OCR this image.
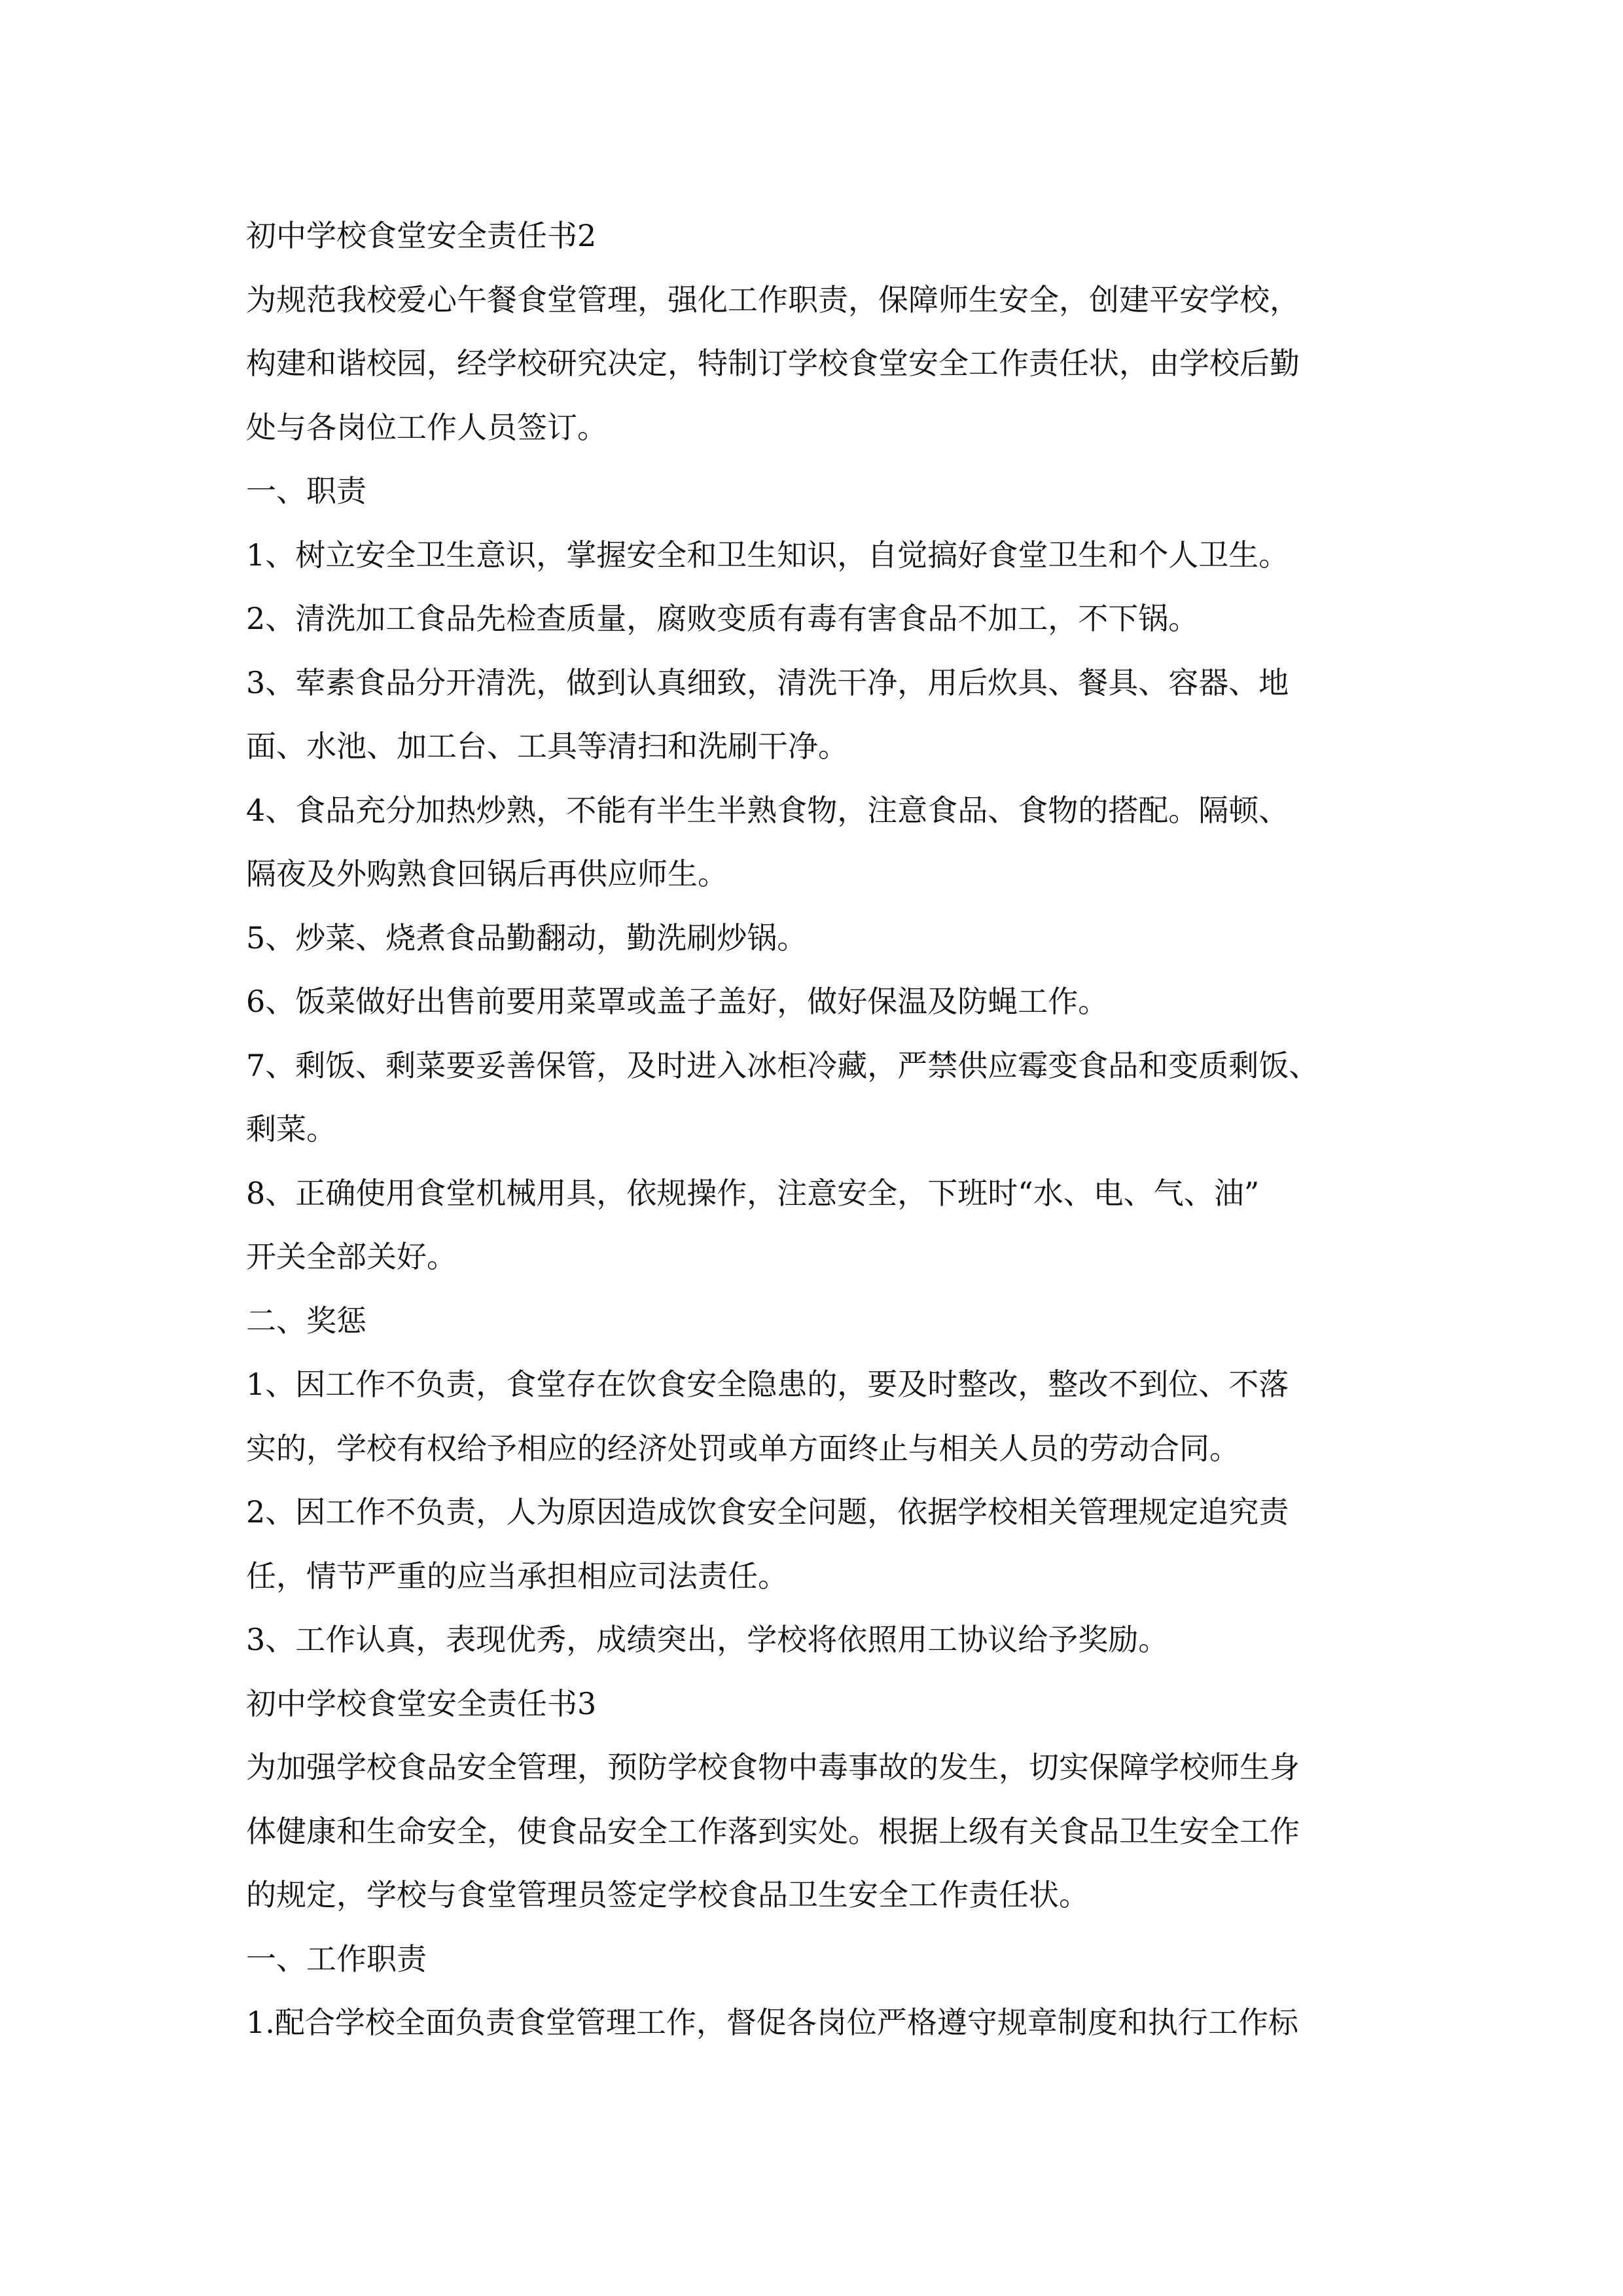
初中学校食堂安全责任书2
为规范我校爱心午餐食堂管理，强化工作职责，保障师生安全，创建平安学校，
构建和谐校园，经学校研究决定，特制订学校食堂安全工作责任状，由学校后勤
处与各岗位工作人员签订。
一、职责
1、树立安全卫生意识，掌握安全和卫生知识，自觉搞好食堂卫生和个人卫生。
2、清洗加工食品先检查质量，腐败变质有毒有害食品不加工，不下锅。
3、荤素食品分开清洗，做到认真细致，清洗干净，用后炊具、餐具、容器、地
面、水池、加工台、工具等清扫和洗刷干净。
4、食品充分加热炒熟，不能有半生半熟食物，注意食品、食物的搭配。隔顿、
隔夜及外购熟食回锅后再供应师生。
5、炒菜、烧煮食品勤翻动，勤洗刷炒锅。
6、饭菜做好出售前要用菜罩或盖子盖好，做好保温及防蝇工作。
7、剩饭、剩菜要妥善保管，及时进入冰柜冷藏，严禁供应霉变食品和变质剩饭、
剩菜。
8、正确使用食堂机械用具，依规操作，注意安全，下班时“水、电、气、油”
开关全部关好。
二、奖惩
1、因工作不负责，食堂存在饮食安全隐患的，要及时整改，整改不到位、不落
实的，学校有权给予相应的经济处罚或单方面终止与相关人员的劳动合同。
2、因工作不负责，人为原因造成饮食安全问题，依据学校相关管理规定追究责
任，情节严重的应当承担相应司法责任。
3、工作认真，表现优秀，成绩突出，学校将依照用工协议给予奖励。
初中学校食堂安全责任书3
为加强学校食品安全管理，预防学校食物中毒事故的发生，切实保障学校师生身
体健康和生命安全，使食品安全工作落到实处。根据上级有关食品卫生安全工作
的规定，学校与食堂管理员签定学校食品卫生安全工作责任状。
一、工作职责
1.配合学校全面负责食堂管理工作，督促各岗位严格遵守规章制度和执行工作标
